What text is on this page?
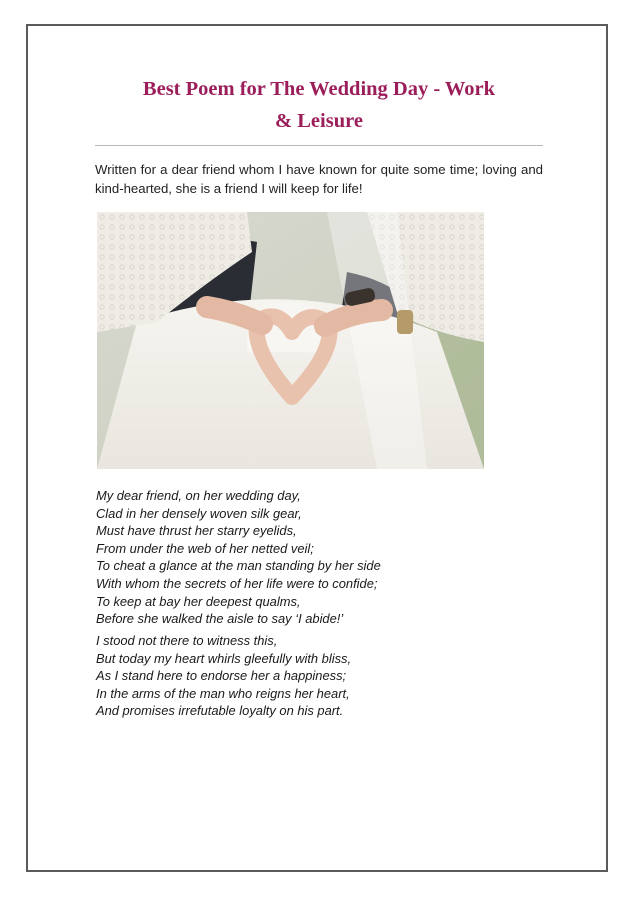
Best Poem for The Wedding Day - Work
& Leisure
Written for a dear friend whom I have known for quite some time; loving and kind-hearted, she is a friend I will keep for life!
My dear friend, on her wedding day,
Clad in her densely woven silk gear,
Must have thrust her starry eyelids,
From under the web of her netted veil;
To cheat a glance at the man standing by her side
With whom the secrets of her life were to confide;
To keep at bay her deepest qualms,
Before she walked the aisle to say ‘I abide!’
I stood not there to witness this,
But today my heart whirls gleefully with bliss,
As I stand here to endorse her a happiness;
In the arms of the man who reigns her heart,
And promises irrefutable loyalty on his part.
